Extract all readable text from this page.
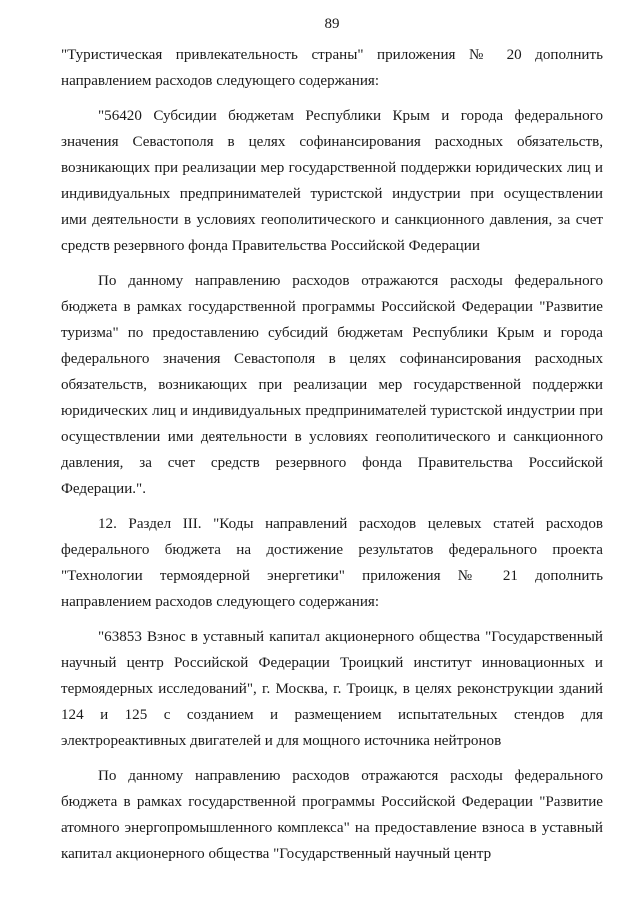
89

"Туристическая привлекательность страны" приложения № 20 дополнить направлением расходов следующего содержания:

"56420 Субсидии бюджетам Республики Крым и города федерального значения Севастополя в целях софинансирования расходных обязательств, возникающих при реализации мер государственной поддержки юридических лиц и индивидуальных предпринимателей туристской индустрии при осуществлении ими деятельности в условиях геополитического и санкционного давления, за счет средств резервного фонда Правительства Российской Федерации

По данному направлению расходов отражаются расходы федерального бюджета в рамках государственной программы Российской Федерации "Развитие туризма" по предоставлению субсидий бюджетам Республики Крым и города федерального значения Севастополя в целях софинансирования расходных обязательств, возникающих при реализации мер государственной поддержки юридических лиц и индивидуальных предпринимателей туристской индустрии при осуществлении ими деятельности в условиях геополитического и санкционного давления, за счет средств резервного фонда Правительства Российской Федерации.".

12. Раздел III. "Коды направлений расходов целевых статей расходов федерального бюджета на достижение результатов федерального проекта "Технологии термоядерной энергетики" приложения № 21 дополнить направлением расходов следующего содержания:

"63853 Взнос в уставный капитал акционерного общества "Государственный научный центр Российской Федерации Троицкий институт инновационных и термоядерных исследований", г. Москва, г. Троицк, в целях реконструкции зданий 124 и 125 с созданием и размещением испытательных стендов для электрореактивных двигателей и для мощного источника нейтронов

По данному направлению расходов отражаются расходы федерального бюджета в рамках государственной программы Российской Федерации "Развитие атомного энергопромышленного комплекса" на предоставление взноса в уставный капитал акционерного общества "Государственный научный центр
